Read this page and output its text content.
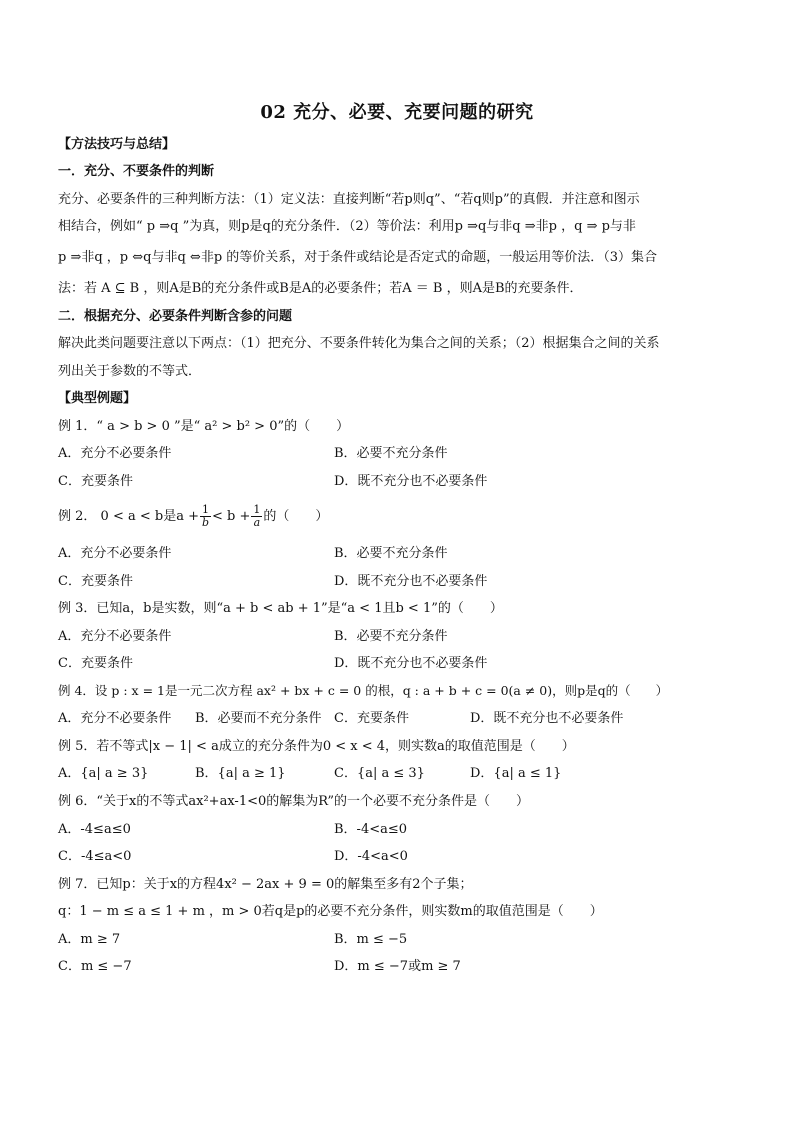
02 充分、必要、充要问题的研究
【方法技巧与总结】
一．充分、不要条件的判断
充分、必要条件的三种判断方法：（1）定义法：直接判断“若p则q”、“若q则p”的真假．并注意和图示
相结合，例如“ p ⇒q ”为真，则p是q的充分条件．（2）等价法：利用p ⇒q与非q ⇒非p ，q ⇒ p与非
p ⇒非q ，p ⇔q与非q ⇔非p 的等价关系，对于条件或结论是否定式的命题，一般运用等价法．（3）集合
法：若 A ⊆ B ，则A是B的充分条件或B是A的必要条件；若A ＝ B ，则A是B的充要条件．
二．根据充分、必要条件判断含参的问题
解决此类问题要注意以下两点：（1）把充分、不要条件转化为集合之间的关系；（2）根据集合之间的关系
列出关于参数的不等式．
【典型例题】
例 1．“ a > b > 0 ”是“ a² > b² > 0”的（　　）
A．充分不必要条件	B．必要不充分条件
C．充要条件	D．既不充分也不必要条件
例 2． 0 < a < b是$a + \frac{1}{b} < b + \frac{1}{a}$ 的（　　）
A．充分不必要条件	B．必要不充分条件
C．充要条件	D．既不充分也不必要条件
例 3．已知a，b是实数，则“a + b < ab + 1”是“a < 1且b < 1”的（　　）
A．充分不必要条件	B．必要不充分条件
C．充要条件	D．既不充分也不必要条件
例 4．设 p : x = 1是一元二次方程 ax² + bx + c = 0 的根，q : a + b + c = 0(a ≠ 0)，则p是q的（　　）
A．充分不必要条件 B．必要而不充分条件 C．充要条件	D．既不充分也不必要条件
例 5．若不等式|x − 1| < a成立的充分条件为0 < x < 4，则实数a的取值范围是（　　）
A．{a| a ≥ 3}	B．{a| a ≥ 1}	C．{a| a ≤ 3}	D．{a| a ≤ 1}
例 6．“关于x的不等式ax²+ax-1<0的解集为R”的一个必要不充分条件是（　　）
A．-4≤a≤0	B．-4<a≤0
C．-4≤a<0	D．-4<a<0
例 7．已知p：关于x的方程4x² − 2ax + 9 = 0的解集至多有2个子集；
q：1 − m ≤ a ≤ 1 + m ，m > 0若q是p的必要不充分条件，则实数m的取值范围是（　　）
A．m ≥ 7	B．m ≤ −5
C．m ≤ −7	D．m ≤ −7或m ≥ 7
